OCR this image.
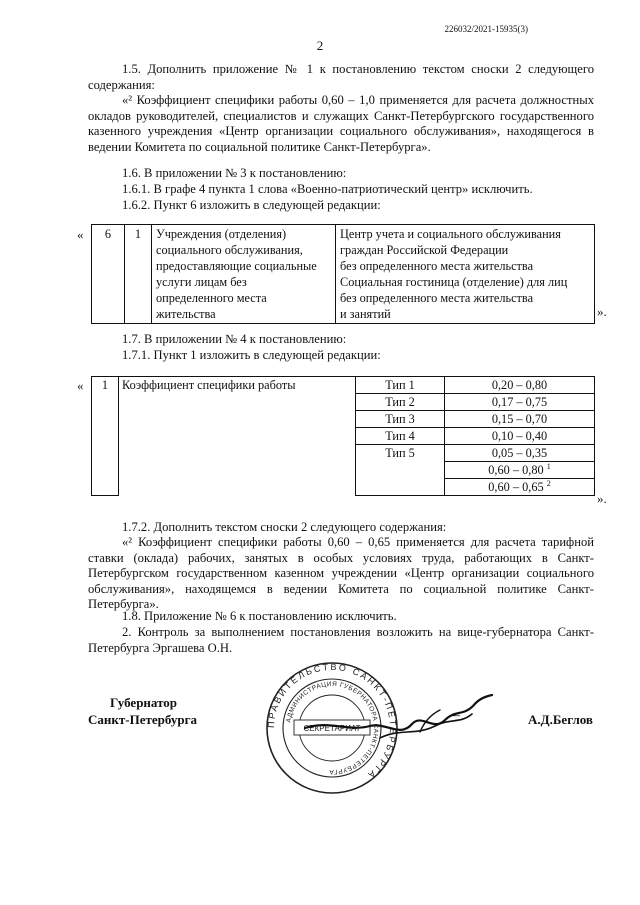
226032/2021-15935(3)
2

1.5. Дополнить приложение № 1 к постановлению текстом сноски 2 следующего содержания:

«² Коэффициент специфики работы 0,60 – 1,0 применяется для расчета должностных окладов руководителей, специалистов и служащих Санкт-Петербургского государственного казенного учреждения «Центр организации социального обслуживания», находящегося в ведении Комитета по социальной политике Санкт-Петербурга».

1.6. В приложении № 3 к постановлению:

1.6.1. В графе 4 пункта 1 слова «Военно-патриотический центр» исключить.

1.6.2. Пункт 6 изложить в следующей редакции:

« 6	1	Учреждения (отделения)
социального обслуживания,
предоставляющие социальные
услуги лицам без
определенного места
жительства

Центр учета и социального обслуживания
граждан Российской Федерации
без определенного места жительства
Социальная гостиница (отделение) для лиц
без определенного места жительства
и занятий	».

1.7. В приложении № 4 к постановлению:

1.7.1. Пункт 1 изложить в следующей редакции:

« 1	Коэффициент специфики работы	Тип 1	0,20 – 0,80
		Тип 2	0,17 – 0,75
		Тип 3	0,15 – 0,70
		Тип 4	0,10 – 0,40
		Тип 5	0,05 – 0,35
			0,60 – 0,80 $^1$
			0,60 – 0,65 $^2$
».

1.7.2. Дополнить текстом сноски 2 следующего содержания:

«² Коэффициент специфики работы 0,60 – 0,65 применяется для расчета тарифной ставки (оклада) рабочих, занятых в особых условиях труда, работающих в Санкт-Петербургском государственном казенном учреждении «Центр организации социального обслуживания», находящемся в ведении Комитета по социальной политике Санкт-Петербурга».

1.8. Приложение № 6 к постановлению исключить.

2. Контроль за выполнением постановления возложить на вице-губернатора Санкт-Петербурга Эргашева О.Н.

Губернатор
Санкт-Петербурга	–	А.Д.Беглов
ПРАВИТЕЛЬСТВО САНКТ-ПЕТЕРБУРГА
АДМИНИСТРАЦИЯ ГУБЕРНАТОРА САНКТ-ПЕТЕРБУРГА
СЕКРЕТАРИАТ
